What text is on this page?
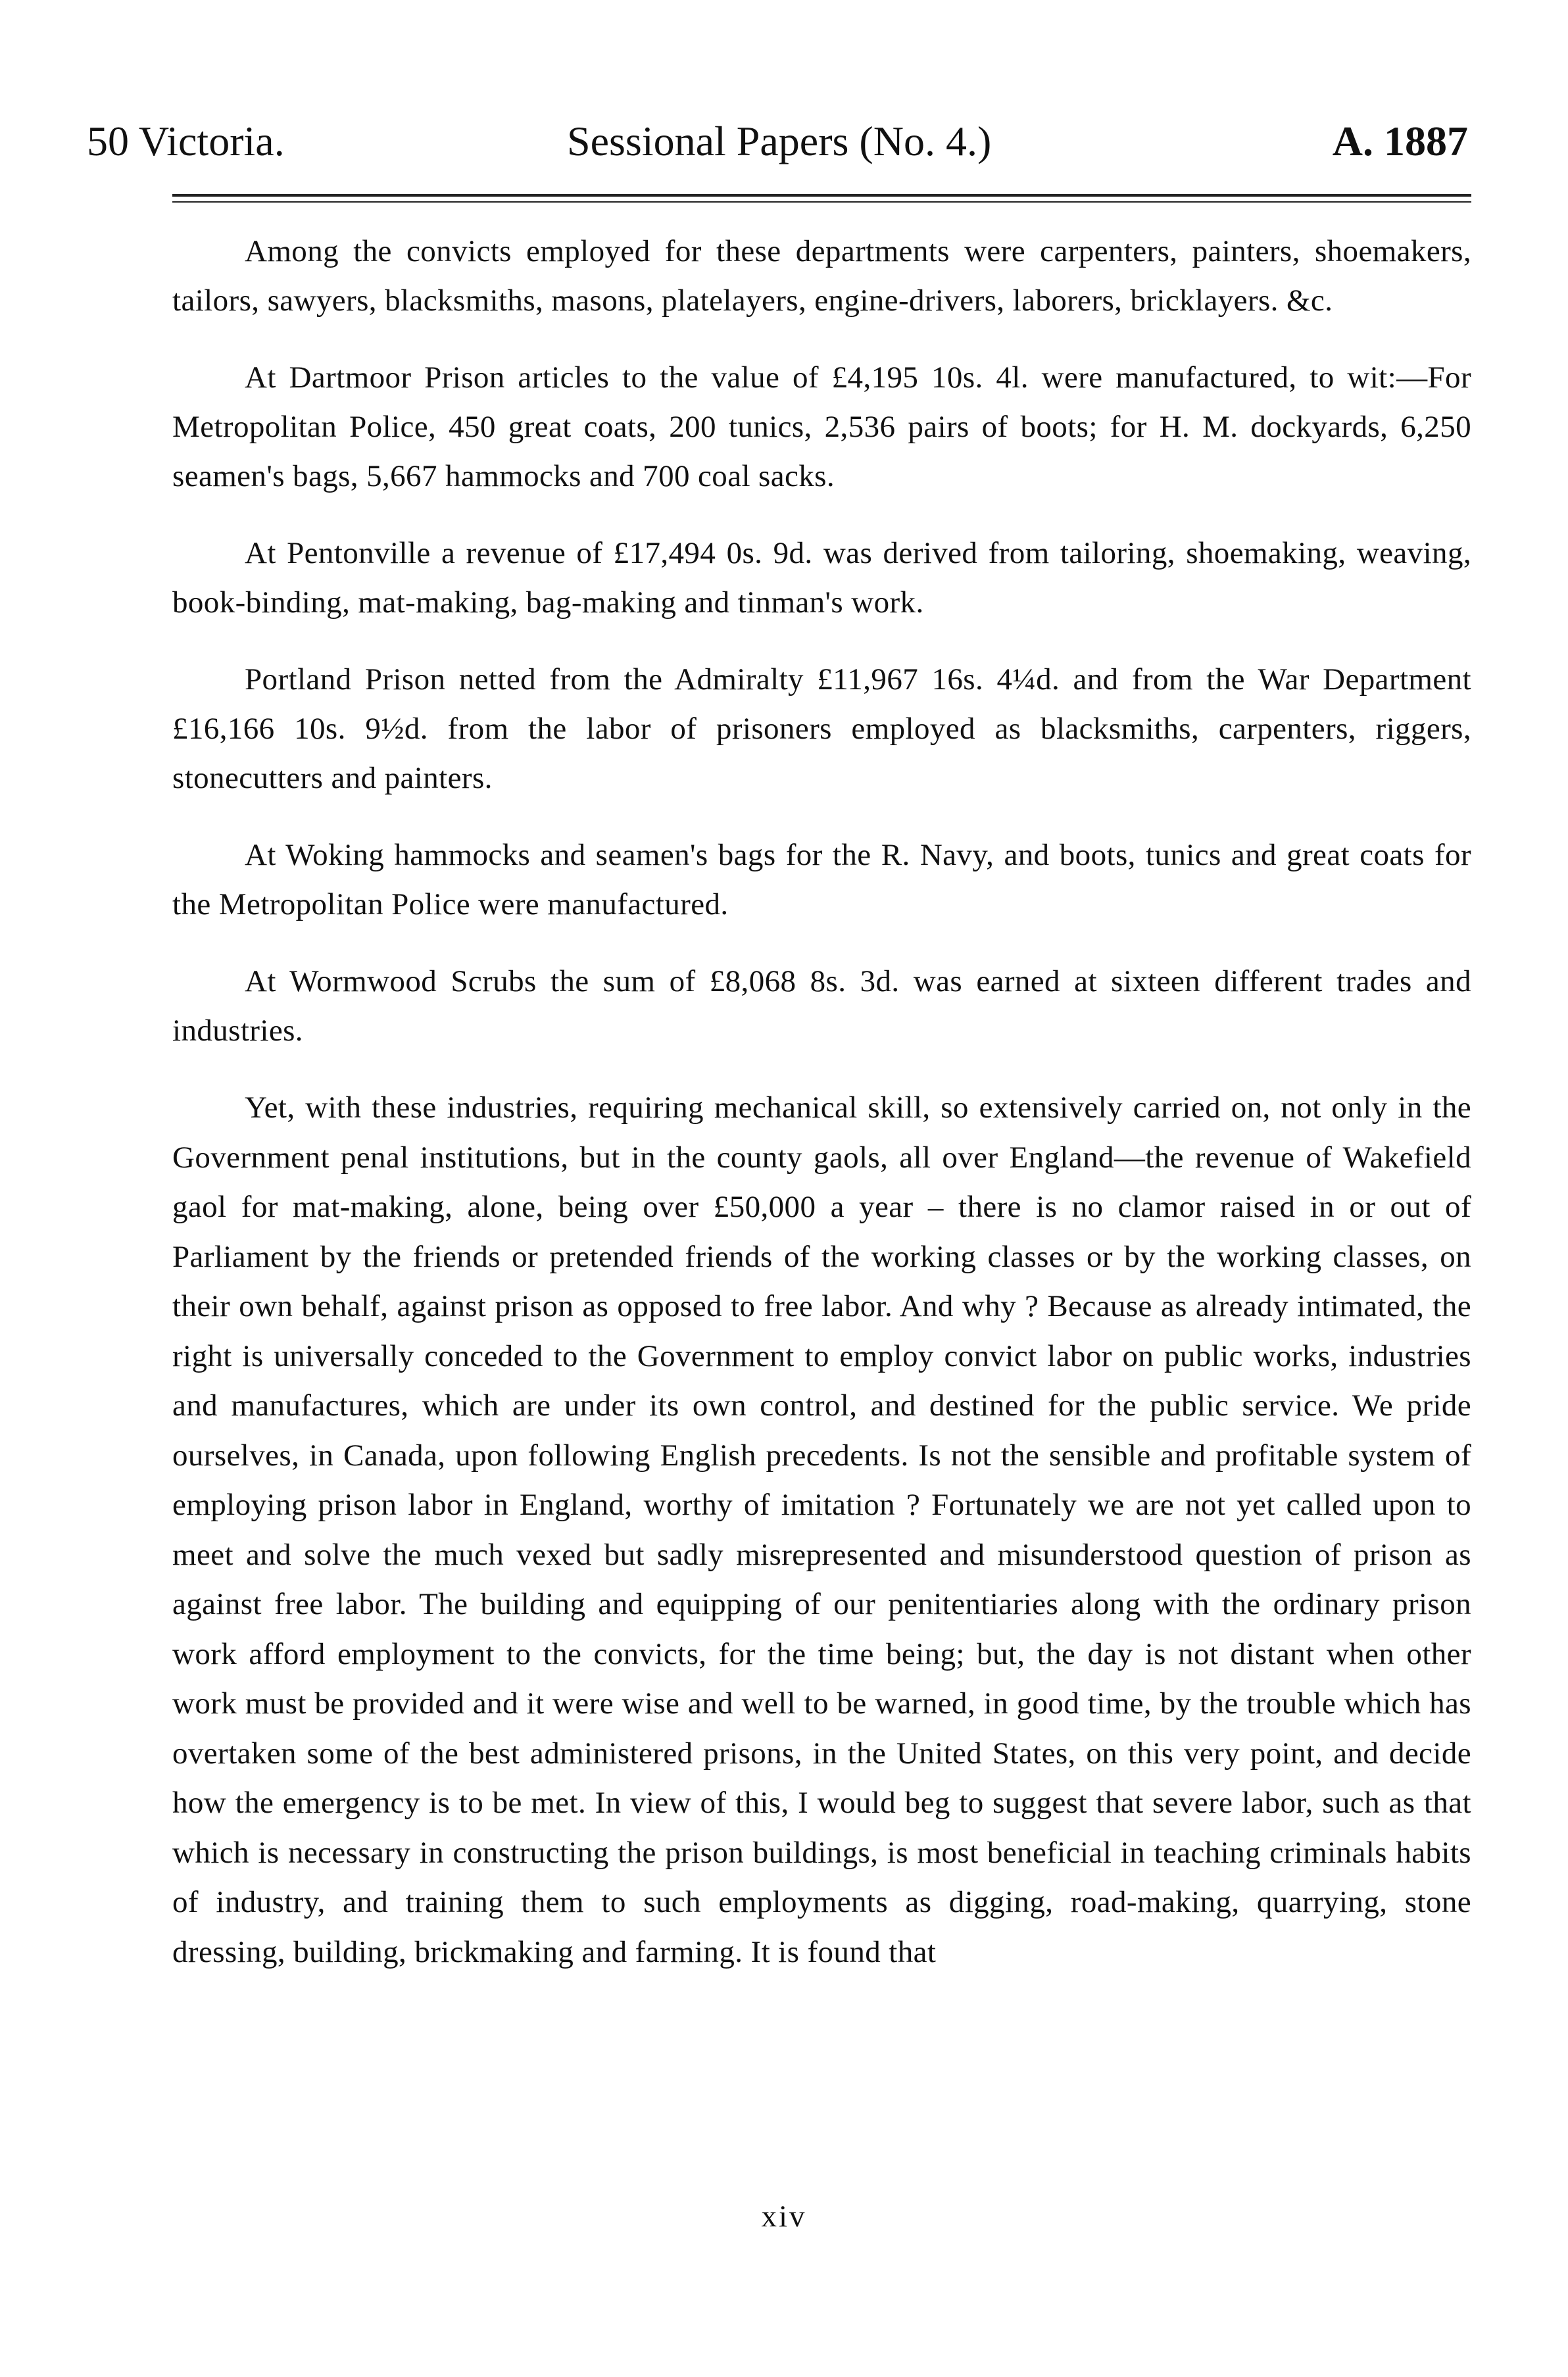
50 Victoria.	Sessional Papers (No. 4.)	A. 1887

Among the convicts employed for these departments were carpenters, painters, shoemakers, tailors, sawyers, blacksmiths, masons, platelayers, engine-drivers, laborers, bricklayers. &c.

At Dartmoor Prison articles to the value of £4,195 10s. 4l. were manufactured, to wit:—For Metropolitan Police, 450 great coats, 200 tunics, 2,536 pairs of boots; for H. M. dockyards, 6,250 seamen's bags, 5,667 hammocks and 700 coal sacks.

At Pentonville a revenue of £17,494 0s. 9d. was derived from tailoring, shoemaking, weaving, book-binding, mat-making, bag-making and tinman's work.

Portland Prison netted from the Admiralty £11,967 16s. 4¼d. and from the War Department £16,166 10s. 9½d. from the labor of prisoners employed as blacksmiths, carpenters, riggers, stonecutters and painters.

At Woking hammocks and seamen's bags for the R. Navy, and boots, tunics and great coats for the Metropolitan Police were manufactured.

At Wormwood Scrubs the sum of £8,068 8s. 3d. was earned at sixteen different trades and industries.

Yet, with these industries, requiring mechanical skill, so extensively carried on, not only in the Government penal institutions, but in the county gaols, all over England—the revenue of Wakefield gaol for mat-making, alone, being over £50,000 a year – there is no clamor raised in or out of Parliament by the friends or pretended friends of the working classes or by the working classes, on their own behalf, against prison as opposed to free labor. And why ? Because as already intimated, the right is universally conceded to the Government to employ convict labor on public works, industries and manufactures, which are under its own control, and destined for the public service. We pride ourselves, in Canada, upon following English precedents. Is not the sensible and profitable system of employing prison labor in England, worthy of imitation ? Fortunately we are not yet called upon to meet and solve the much vexed but sadly misrepresented and misunderstood question of prison as against free labor. The building and equipping of our penitentiaries along with the ordinary prison work afford employment to the convicts, for the time being; but, the day is not distant when other work must be provided and it were wise and well to be warned, in good time, by the trouble which has overtaken some of the best administered prisons, in the United States, on this very point, and decide how the emergency is to be met. In view of this, I would beg to suggest that severe labor, such as that which is necessary in constructing the prison buildings, is most beneficial in teaching criminals habits of industry, and training them to such employments as digging, road-making, quarrying, stone dressing, building, brickmaking and farming. It is found that

xiv
